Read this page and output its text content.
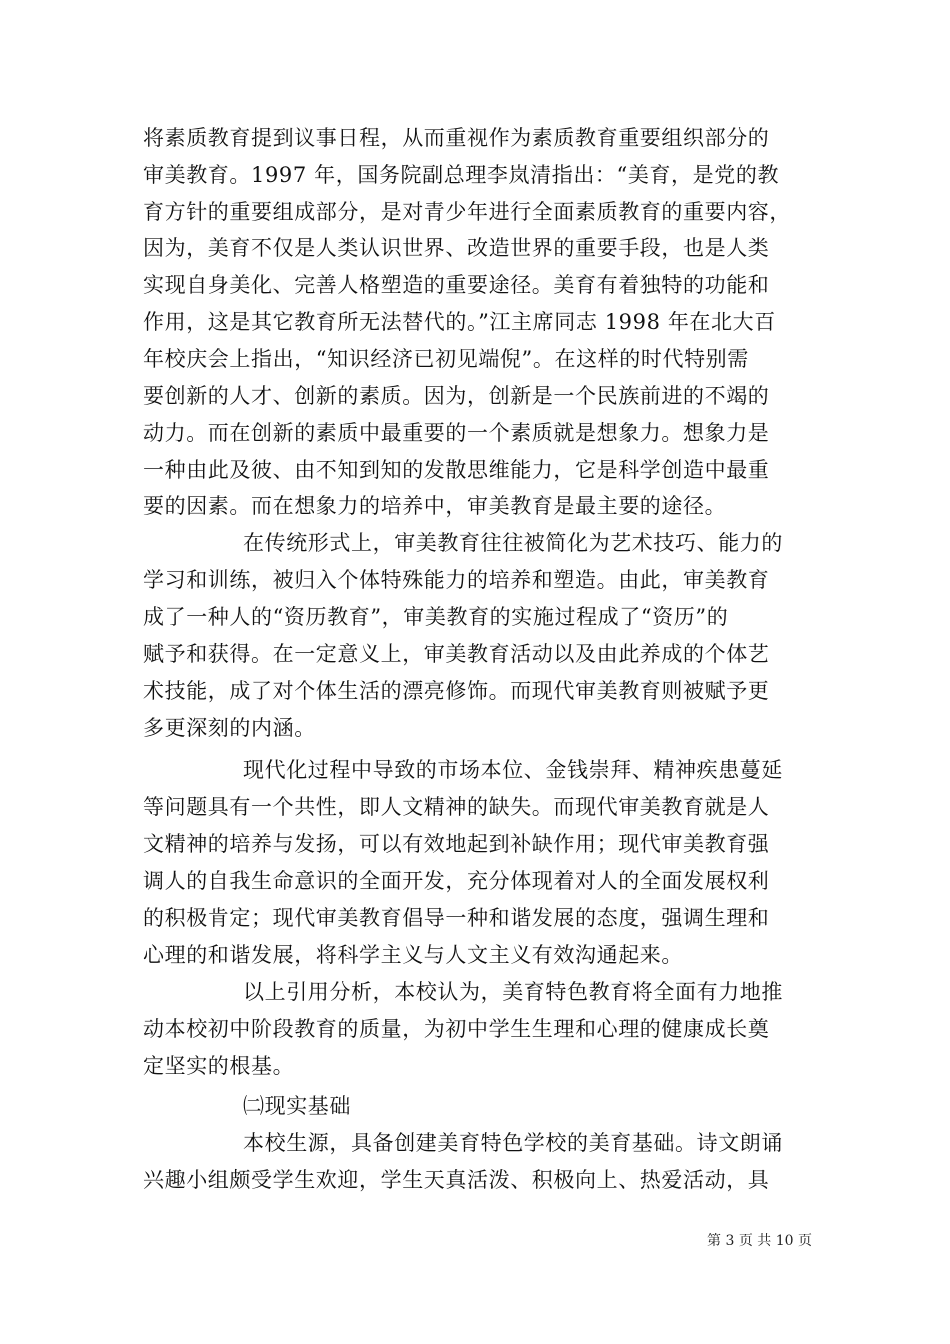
将素质教育提到议事日程，从而重视作为素质教育重要组织部分的
审美教育。1997 年，国务院副总理李岚清指出：“美育，是党的教
育方针的重要组成部分，是对青少年进行全面素质教育的重要内容，
因为，美育不仅是人类认识世界、改造世界的重要手段，也是人类
实现自身美化、完善人格塑造的重要途径。美育有着独特的功能和
作用，这是其它教育所无法替代的。”江主席同志 1998 年在北大百
年校庆会上指出，“知识经济已初见端倪”。在这样的时代特别需
要创新的人才、创新的素质。因为，创新是一个民族前进的不竭的
动力。而在创新的素质中最重要的一个素质就是想象力。想象力是
一种由此及彼、由不知到知的发散思维能力，它是科学创造中最重
要的因素。而在想象力的培养中，审美教育是最主要的途径。
在传统形式上，审美教育往往被简化为艺术技巧、能力的
学习和训练，被归入个体特殊能力的培养和塑造。由此，审美教育
成了一种人的“资历教育”，审美教育的实施过程成了“资历”的
赋予和获得。在一定意义上，审美教育活动以及由此养成的个体艺
术技能，成了对个体生活的漂亮修饰。而现代审美教育则被赋予更
多更深刻的内涵。
现代化过程中导致的市场本位、金钱崇拜、精神疾患蔓延
等问题具有一个共性，即人文精神的缺失。而现代审美教育就是人
文精神的培养与发扬，可以有效地起到补缺作用；现代审美教育强
调人的自我生命意识的全面开发，充分体现着对人的全面发展权利
的积极肯定；现代审美教育倡导一种和谐发展的态度，强调生理和
心理的和谐发展，将科学主义与人文主义有效沟通起来。
以上引用分析，本校认为，美育特色教育将全面有力地推
动本校初中阶段教育的质量，为初中学生生理和心理的健康成长奠
定坚实的根基。
㈡现实基础
本校生源，具备创建美育特色学校的美育基础。诗文朗诵
兴趣小组颇受学生欢迎，学生天真活泼、积极向上、热爱活动，具
第 3 页 共 10 页
